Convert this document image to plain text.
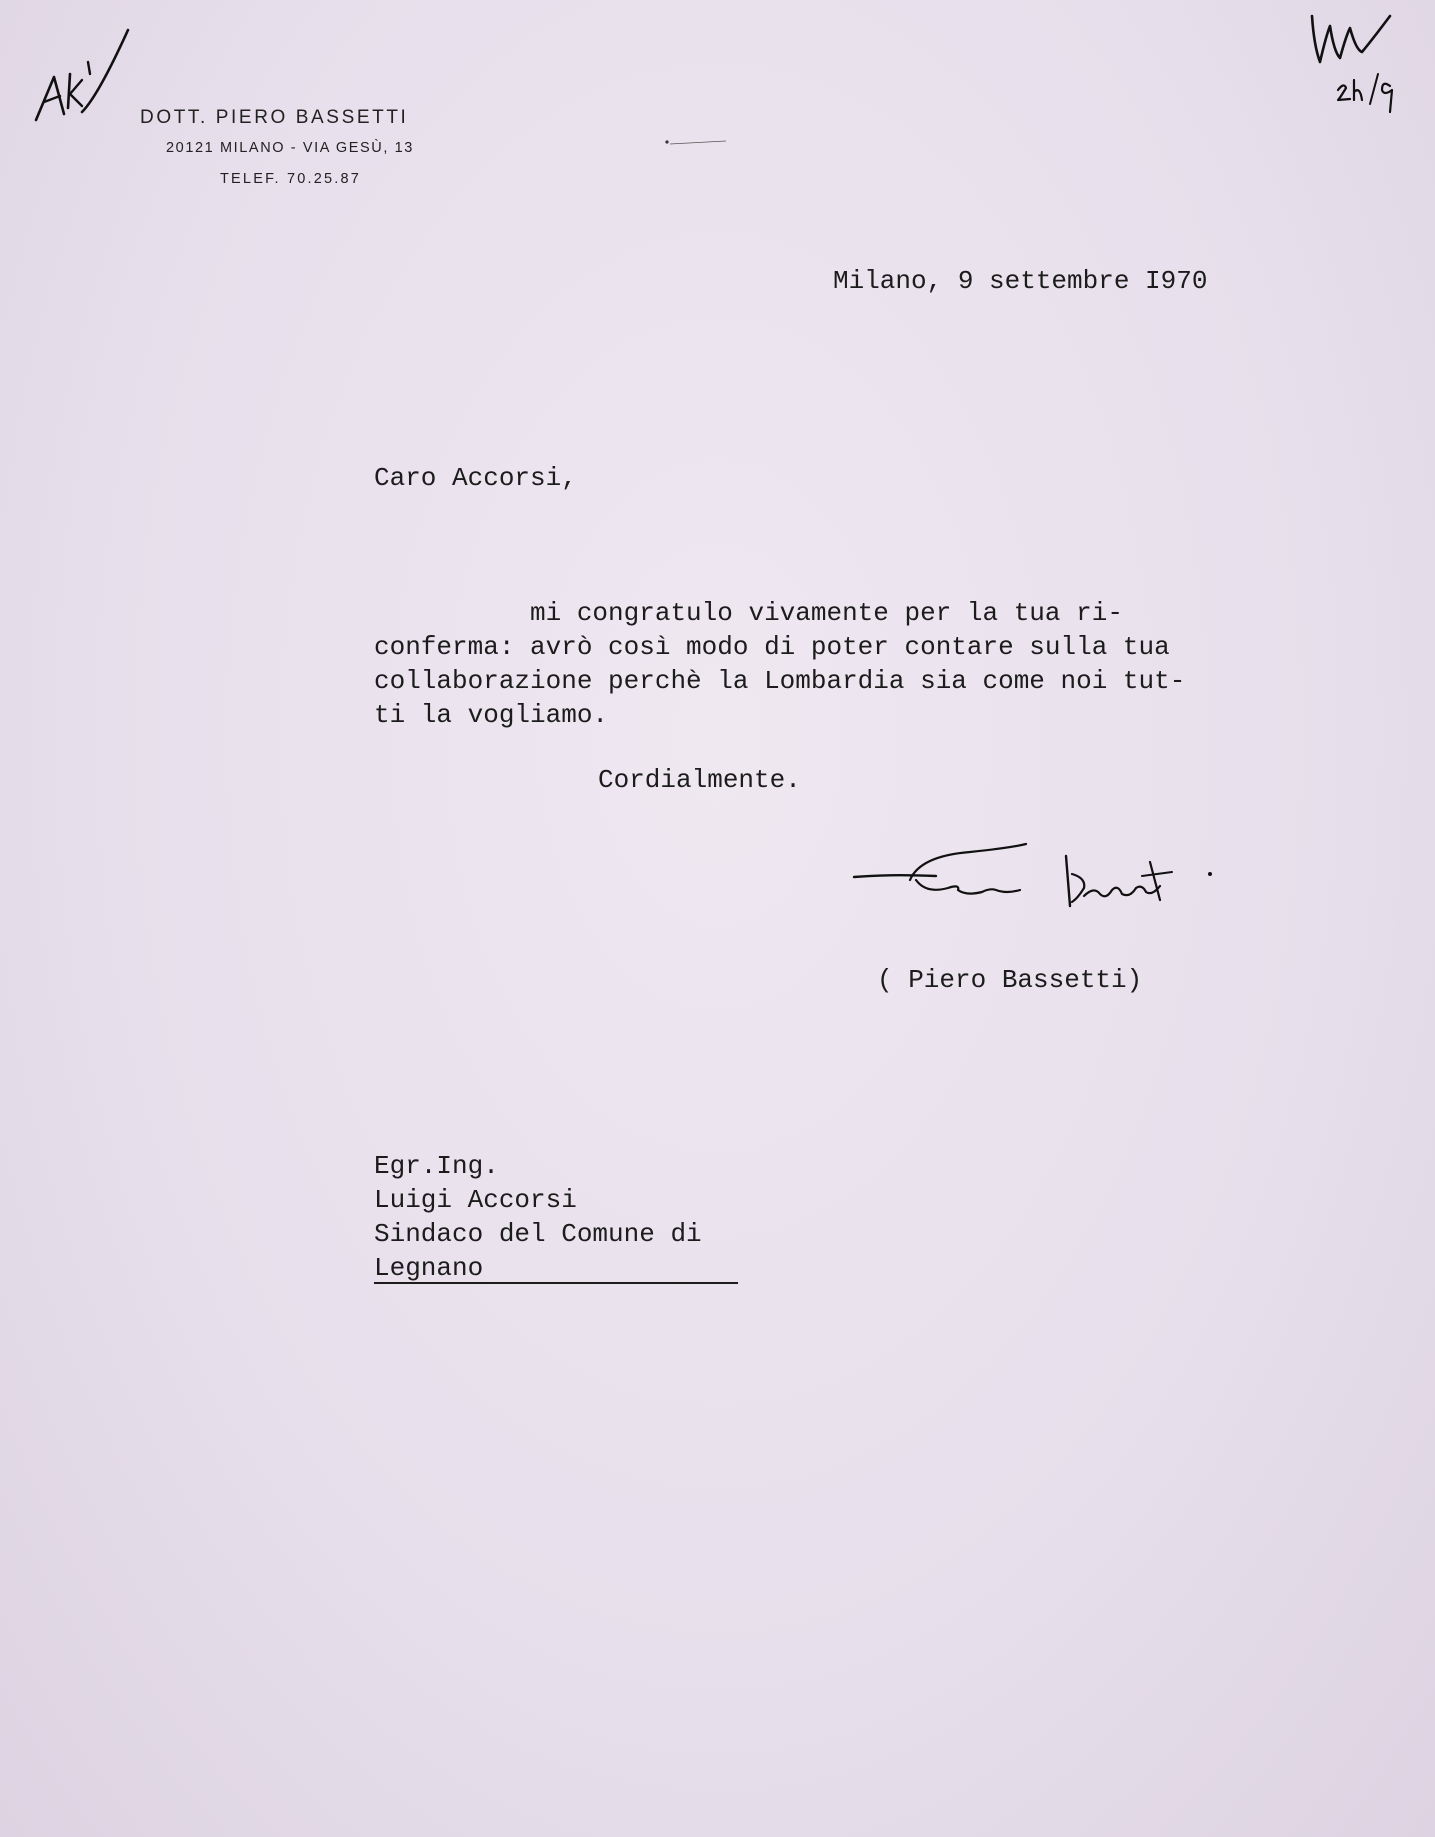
DOTT. PIERO BASSETTI
20121 MILANO - VIA GESÙ, 13
TELEF. 70.25.87
Milano, 9 settembre I970
Caro Accorsi,
mi congratulo vivamente per la tua ri-
conferma: avrò così modo di poter contare sulla tua
collaborazione perchè la Lombardia sia come noi tut-
ti la vogliamo.
Cordialmente.
( Piero Bassetti)
Egr.Ing.
Luigi Accorsi
Sindaco del Comune di
Legnano
